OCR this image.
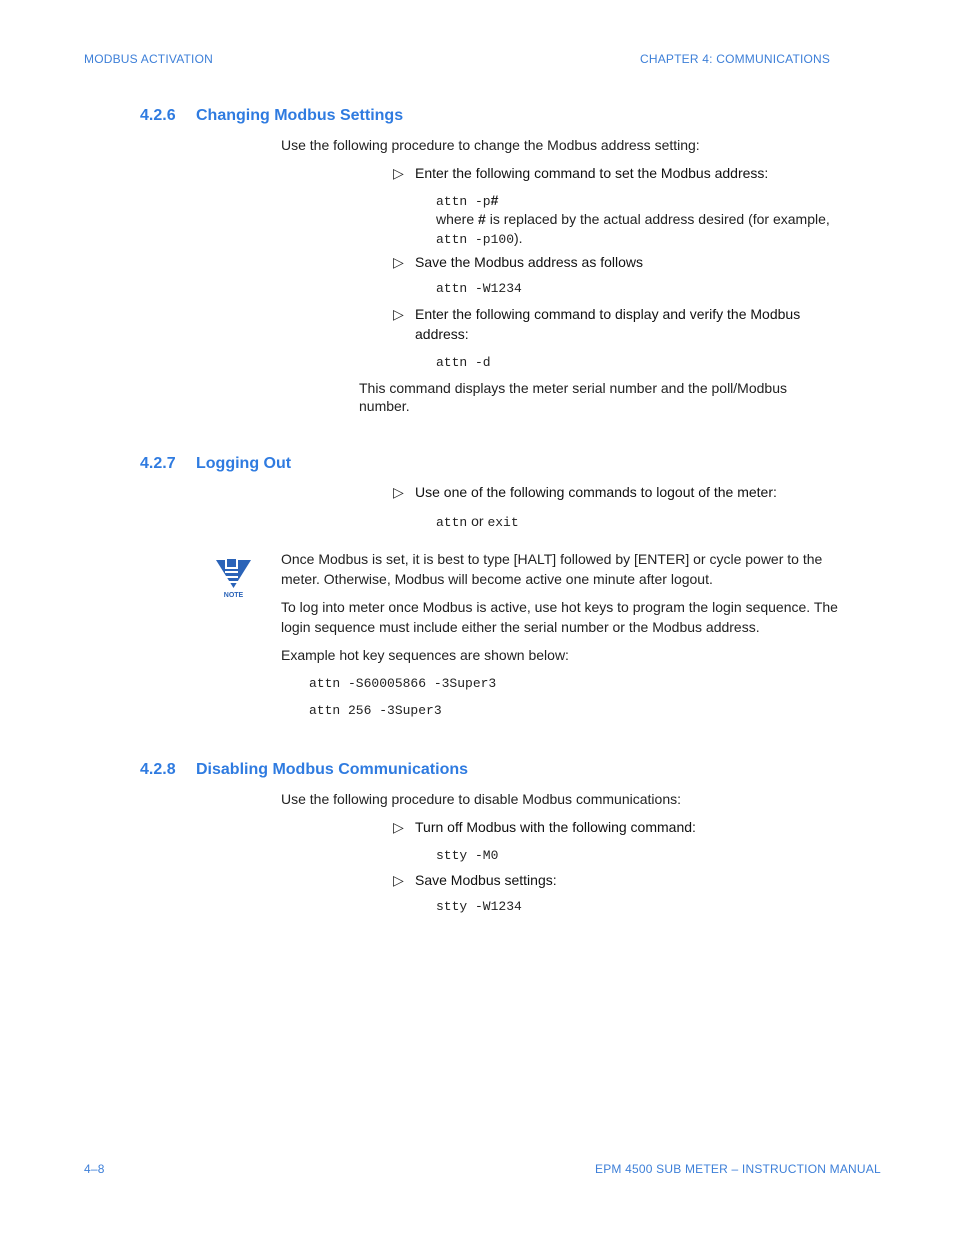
MODBUS ACTIVATION	CHAPTER 4: COMMUNICATIONS
4.2.6 Changing Modbus Settings
Use the following procedure to change the Modbus address setting:
▷ Enter the following command to set the Modbus address:
attn -p#
where # is replaced by the actual address desired (for example,
attn -p100).
▷ Save the Modbus address as follows
attn -W1234
▷ Enter the following command to display and verify the Modbus
address:
attn -d
This command displays the meter serial number and the poll/Modbus
number.
4.2.7 Logging Out
▷ Use one of the following commands to logout of the meter:
attn or exit
NOTE
Once Modbus is set, it is best to type [HALT] followed by [ENTER] or cycle power to the
meter. Otherwise, Modbus will become active one minute after logout.
To log into meter once Modbus is active, use hot keys to program the login sequence. The
login sequence must include either the serial number or the Modbus address.
Example hot key sequences are shown below:
attn -S60005866 -3Super3
attn 256 -3Super3
4.2.8 Disabling Modbus Communications
Use the following procedure to disable Modbus communications:
▷ Turn off Modbus with the following command:
stty -M0
▷ Save Modbus settings:
stty -W1234
4–8	EPM 4500 SUB METER – INSTRUCTION MANUAL
